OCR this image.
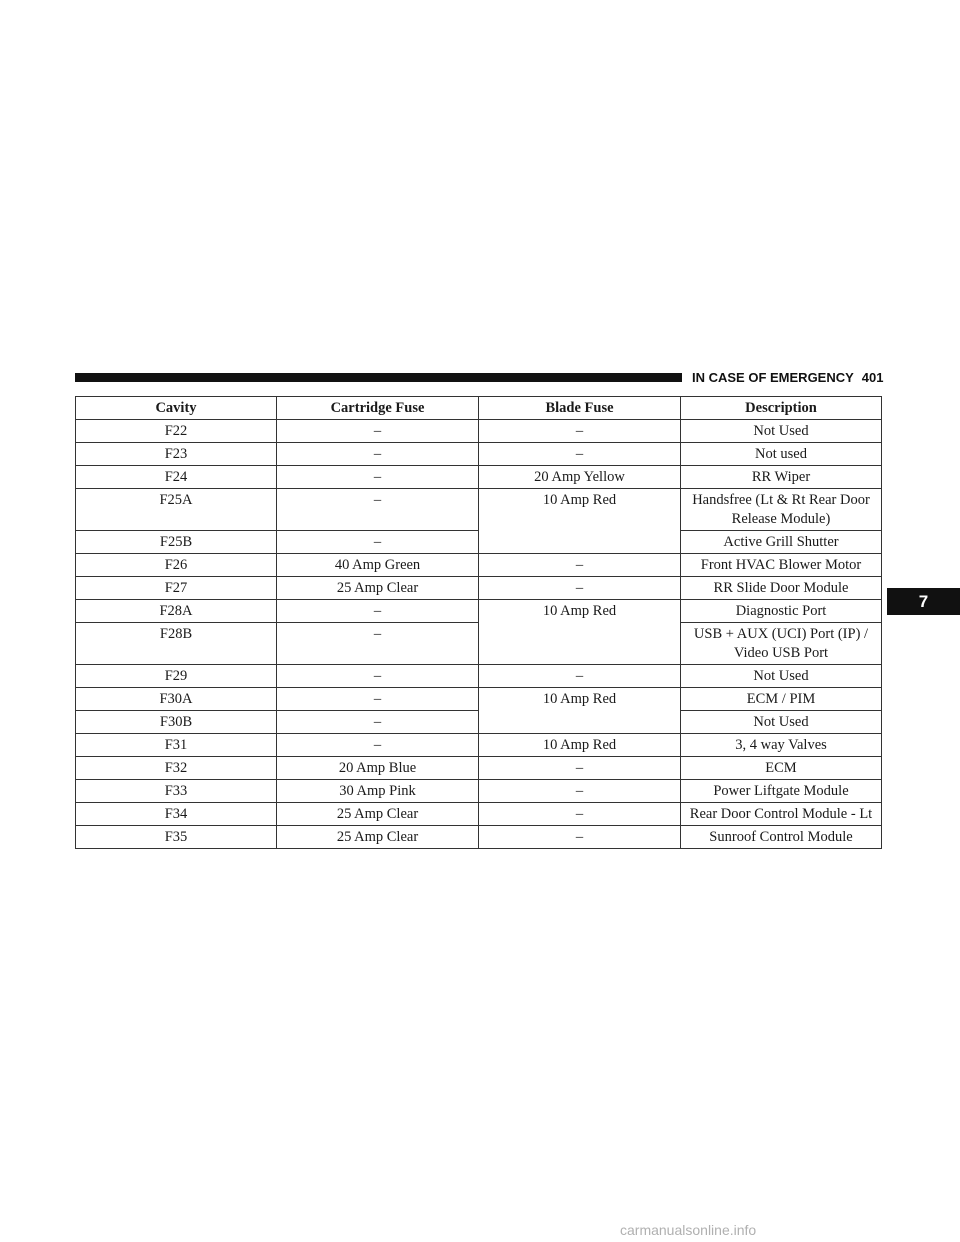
IN CASE OF EMERGENCY 401
7
Cavity	Cartridge Fuse	Blade Fuse	Description
F22	–	–	Not Used
F23	–	–	Not used
F24	–	20 Amp Yellow	RR Wiper
F25A	–	10 Amp Red	Handsfree (Lt & Rt Rear Door Release Module)
F25B	–		Active Grill Shutter
F26	40 Amp Green	–	Front HVAC Blower Motor
F27	25 Amp Clear	–	RR Slide Door Module
F28A	–	10 Amp Red	Diagnostic Port
F28B	–		USB + AUX (UCI) Port (IP) / Video USB Port
F29	–	–	Not Used
F30A	–	10 Amp Red	ECM / PIM
F30B	–		Not Used
F31	–	10 Amp Red	3, 4 way Valves
F32	20 Amp Blue	–	ECM
F33	30 Amp Pink	–	Power Liftgate Module
F34	25 Amp Clear	–	Rear Door Control Module - Lt
F35	25 Amp Clear	–	Sunroof Control Module
carmanualsonline.info
